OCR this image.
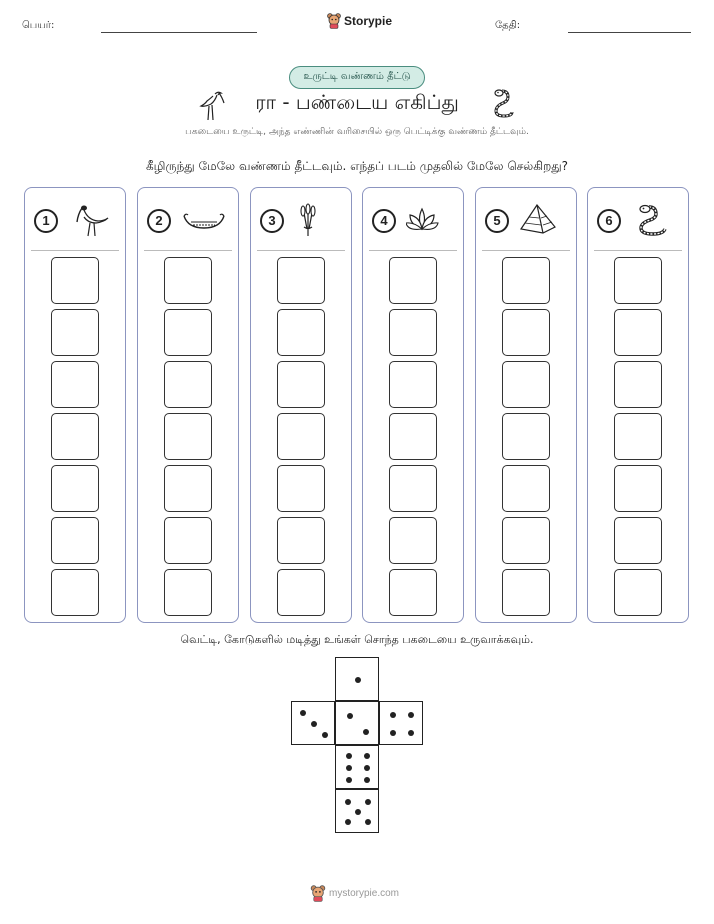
பெயர்:	Storypie	தேதி:
உருட்டி வண்ணம் தீட்டு
ரா - பண்டைய எகிப்து
பகடையை உருட்டி, அந்த எண்ணின் வரிசையில் ஒரு பெட்டிக்கு வண்ணம் தீட்டவும்.
கீழிருந்து மேலே வண்ணம் தீட்டவும். எந்தப் படம் முதலில் மேலே செல்கிறது?
1	2	3	4	5	6
வெட்டி, கோடுகளில் மடித்து உங்கள் சொந்த பகடையை உருவாக்கவும்.
mystorypie.com
